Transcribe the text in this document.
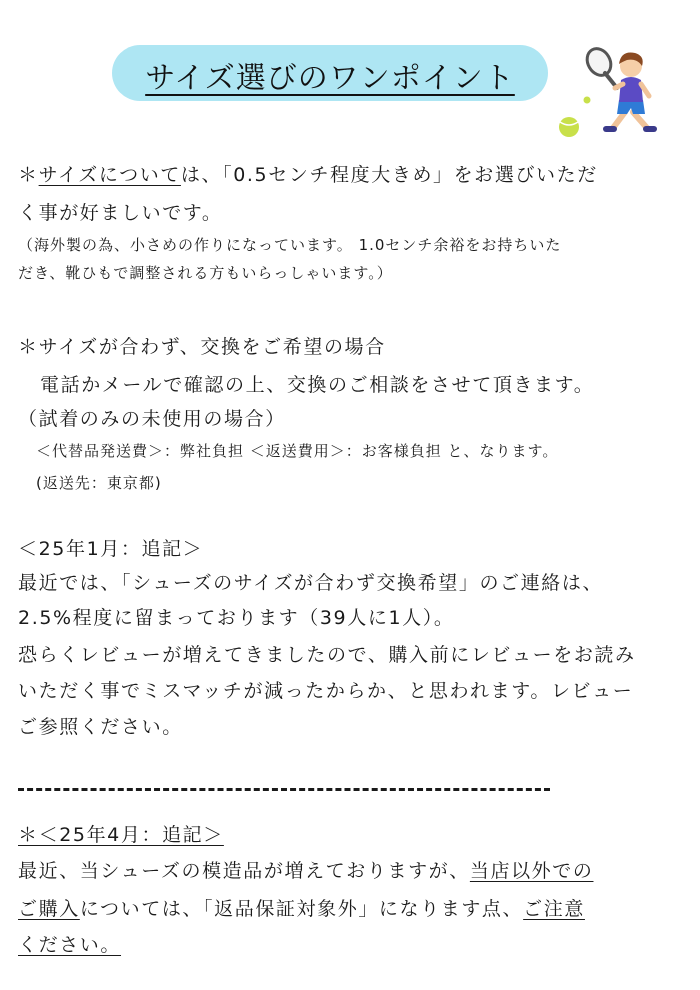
サイズ選びのワンポイント
＊サイズについては、「0.5センチ程度大きめ」をお選びいただ
く事が好ましいです。
（海外製の為、小さめの作りになっています。 1.0センチ余裕をお持ちいた
だき、靴ひもで調整される方もいらっしゃいます。）
＊サイズが合わず、交換をご希望の場合
電話かメールで確認の上、交換のご相談をさせて頂きます。
（試着のみの未使用の場合）
＜代替品発送費＞：弊社負担 ＜返送費用＞：お客様負担 と、なります。
(返送先：東京都)
＜25年1月：追記＞
最近では、「シューズのサイズが合わず交換希望」のご連絡は、
2.5%程度に留まっております（39人に1人）。
恐らくレビューが増えてきましたので、購入前にレビューをお読み
いただく事でミスマッチが減ったからか、と思われます。レビュー
ご参照ください。
＊＜25年4月：追記＞
最近、当シューズの模造品が増えておりますが、当店以外での
ご購入については、「返品保証対象外」になります点、ご注意
ください。
